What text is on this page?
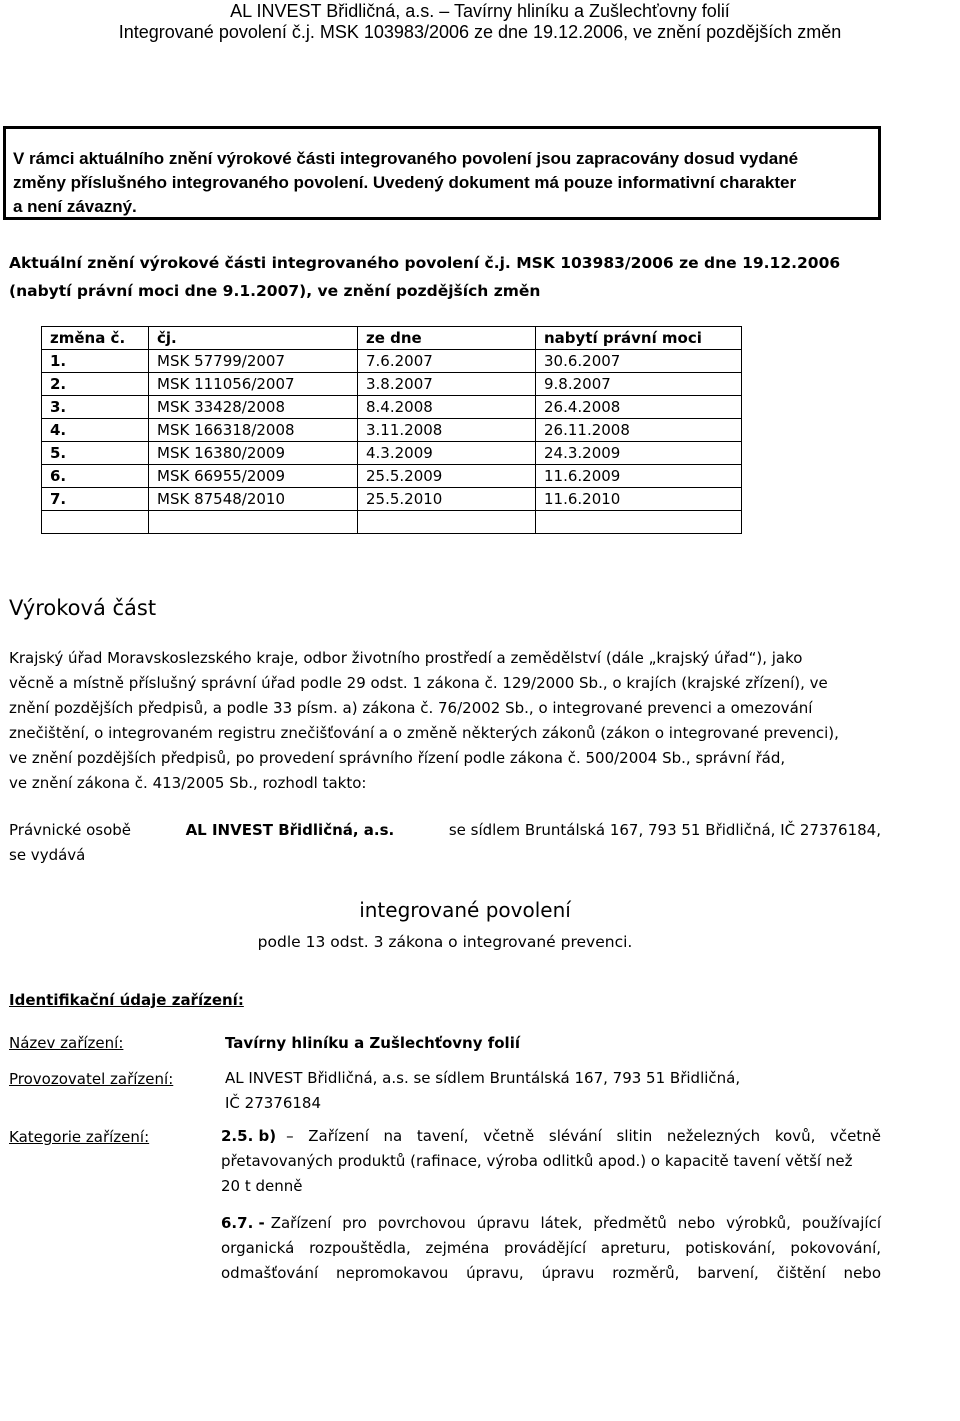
AL INVEST Břidličná, a.s. – Tavírny hliníku a Zušlechťovny folií
Integrované povolení č.j. MSK 103983/2006 ze dne 19.12.2006, ve znění pozdějších změn
V rámci aktuálního znění výrokové části integrovaného povolení jsou zapracovány dosud vydané
změny příslušného integrovaného povolení. Uvedený dokument má pouze informativní charakter
a není závazný.
Aktuální znění výrokové části integrovaného povolení č.j. MSK 103983/2006 ze dne 19.12.2006
(nabytí právní moci dne 9.1.2007), ve znění pozdějších změn
změna č.	čj.	ze dne	nabytí právní moci
1.	MSK 57799/2007	7.6.2007	30.6.2007
2.	MSK 111056/2007	3.8.2007	9.8.2007
3.	MSK 33428/2008	8.4.2008	26.4.2008
4.	MSK 166318/2008	3.11.2008	26.11.2008
5.	MSK 16380/2009	4.3.2009	24.3.2009
6.	MSK 66955/2009	25.5.2009	11.6.2009
7.	MSK 87548/2010	25.5.2010	11.6.2010

Výroková část
Krajský úřad Moravskoslezského kraje, odbor životního prostředí a zemědělství (dále „krajský úřad“), jako
věcně a místně příslušný správní úřad podle 29 odst. 1 zákona č. 129/2000 Sb., o krajích (krajské zřízení), ve
znění pozdějších předpisů, a podle 33 písm. a) zákona č. 76/2002 Sb., o integrované prevenci a omezování
znečištění, o integrovaném registru znečišťování a o změně některých zákonů (zákon o integrované prevenci),
ve znění pozdějších předpisů, po provedení správního řízení podle zákona č. 500/2004 Sb., správní řád,
ve znění zákona č. 413/2005 Sb., rozhodl takto:
Právnické osobě	AL INVEST Břidličná, a.s.	se sídlem Bruntálská 167, 793 51 Břidličná, IČ 27376184,
se vydává
integrované povolení
podle 13 odst. 3 zákona o integrované prevenci.
Identifikační údaje zařízení:
Název zařízení:	Tavírny hliníku a Zušlechťovny folií
Provozovatel zařízení:	AL INVEST Břidličná, a.s. se sídlem Bruntálská 167, 793 51 Břidličná,
IČ 27376184
Kategorie zařízení:	2.5. b) – Zařízení na tavení, včetně slévání slitin neželezných kovů, včetně
přetavovaných produktů (rafinace, výroba odlitků apod.) o kapacitě tavení větší než
20 t denně
6.7. - Zařízení pro povrchovou úpravu látek, předmětů nebo výrobků, používající
organická rozpouštědla, zejména provádějící apreturu, potiskování, pokovování,
odmašťování nepromokavou úpravu, úpravu rozměrů, barvení, čištění nebo
